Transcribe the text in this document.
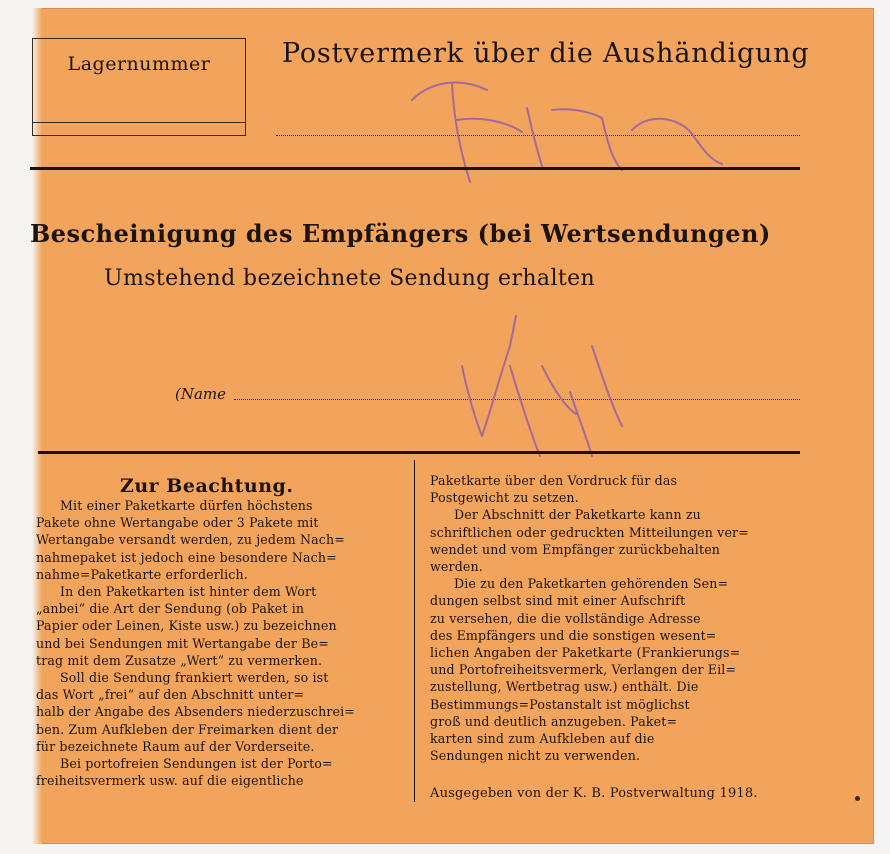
Lagernummer	Postvermerk über die Aushändigung
Bescheinigung des Empfängers (bei Wertsendungen)
Umstehend bezeichnete Sendung erhalten
(Name
Zur Beachtung.

Mit einer Paketkarte dürfen höchstens

Pakete ohne Wertangabe oder 3 Pakete mit

Wertangabe versandt werden, zu jedem Nach=

nahmepaket ist jedoch eine besondere Nach=

nahme=Paketkarte erforderlich.

In den Paketkarten ist hinter dem Wort

„anbei“ die Art der Sendung (ob Paket in

Papier oder Leinen, Kiste usw.) zu bezeichnen

und bei Sendungen mit Wertangabe der Be=

trag mit dem Zusatze „Wert“ zu vermerken.

Soll die Sendung frankiert werden, so ist

das Wort „frei“ auf den Abschnitt unter=

halb der Angabe des Absenders niederzuschrei=

ben. Zum Aufkleben der Freimarken dient der

für bezeichnete Raum auf der Vorderseite.

Bei portofreien Sendungen ist der Porto=

freiheitsvermerk usw. auf die eigentliche

Paketkarte über den Vordruck für das

Postgewicht zu setzen.

Der Abschnitt der Paketkarte kann zu

schriftlichen oder gedruckten Mitteilungen ver=

wendet und vom Empfänger zurückbehalten

werden.

Die zu den Paketkarten gehörenden Sen=

dungen selbst sind mit einer Aufschrift

zu versehen, die die vollständige Adresse

des Empfängers und die sonstigen wesent=

lichen Angaben der Paketkarte (Frankierungs=

und Portofreiheitsvermerk, Verlangen der Eil=

zustellung, Wertbetrag usw.) enthält. Die

Bestimmungs=Postanstalt ist möglichst

groß und deutlich anzugeben. Paket=

karten sind zum Aufkleben auf die

Sendungen nicht zu verwenden.

Ausgegeben von der K. B. Postverwaltung 1918.
